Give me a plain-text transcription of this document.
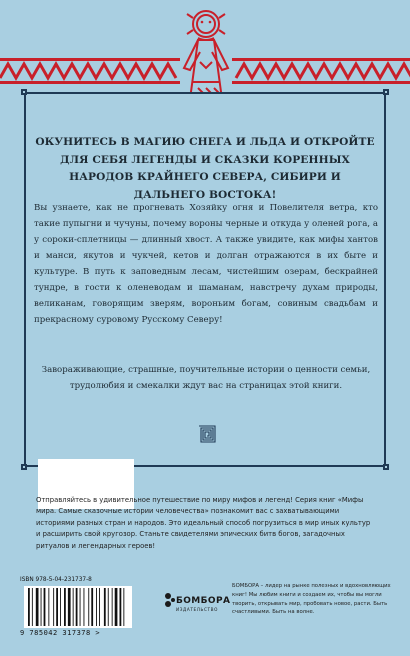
ОКУНИТЕСЬ В МАГИЮ СНЕГА И ЛЬДА И ОТКРОЙТЕ ДЛЯ СЕБЯ ЛЕГЕНДЫ И СКАЗКИ КОРЕННЫХ НАРОДОВ КРАЙНЕГО СЕВЕРА, СИБИРИ И ДАЛЬНЕГО ВОСТОКА!
Вы узнаете, как не прогневать Хозяйку огня и Повелителя ветра, кто такие пупыгни и чучуны, почему вороны черные и откуда у оленей рога, а у сороки-сплетницы — длинный хвост. А также увидите, как мифы хантов и манси, якутов и чукчей, кетов и долган отражаются в их быте и культуре. В путь к заповедным лесам, чистейшим озерам, бескрайней тундре, в гости к оленеводам и шаманам, навстречу духам природы, великанам, говорящим зверям, вороньим богам, совиным свадьбам и прекрасному суровому Русскому Северу!
Завораживающие, страшные, поучительные истории о ценности семьи, трудолюбия и смекалки ждут вас на страницах этой книги.
Отправляйтесь в удивительное путешествие по миру мифов и легенд! Серия книг «Мифы мира. Самые сказочные истории человечества» познакомит вас с захватывающими историями разных стран и народов. Это идеальный способ погрузиться в мир иных культур и расширить свой кругозор. Станьте свидетелями эпических битв богов, загадочных ритуалов и легендарных героев!
ISBN 978-5-04-231737-8
9 785042 317378 >
БОМБОРА
ИЗДАТЕЛЬСТВО
БОМБОРА – лидер на рынке полезных и вдохновляющих книг! Мы любим книги и создаем их, чтобы вы могли творить, открывать мир, пробовать новое, расти. Быть счастливыми. Быть на волне.
